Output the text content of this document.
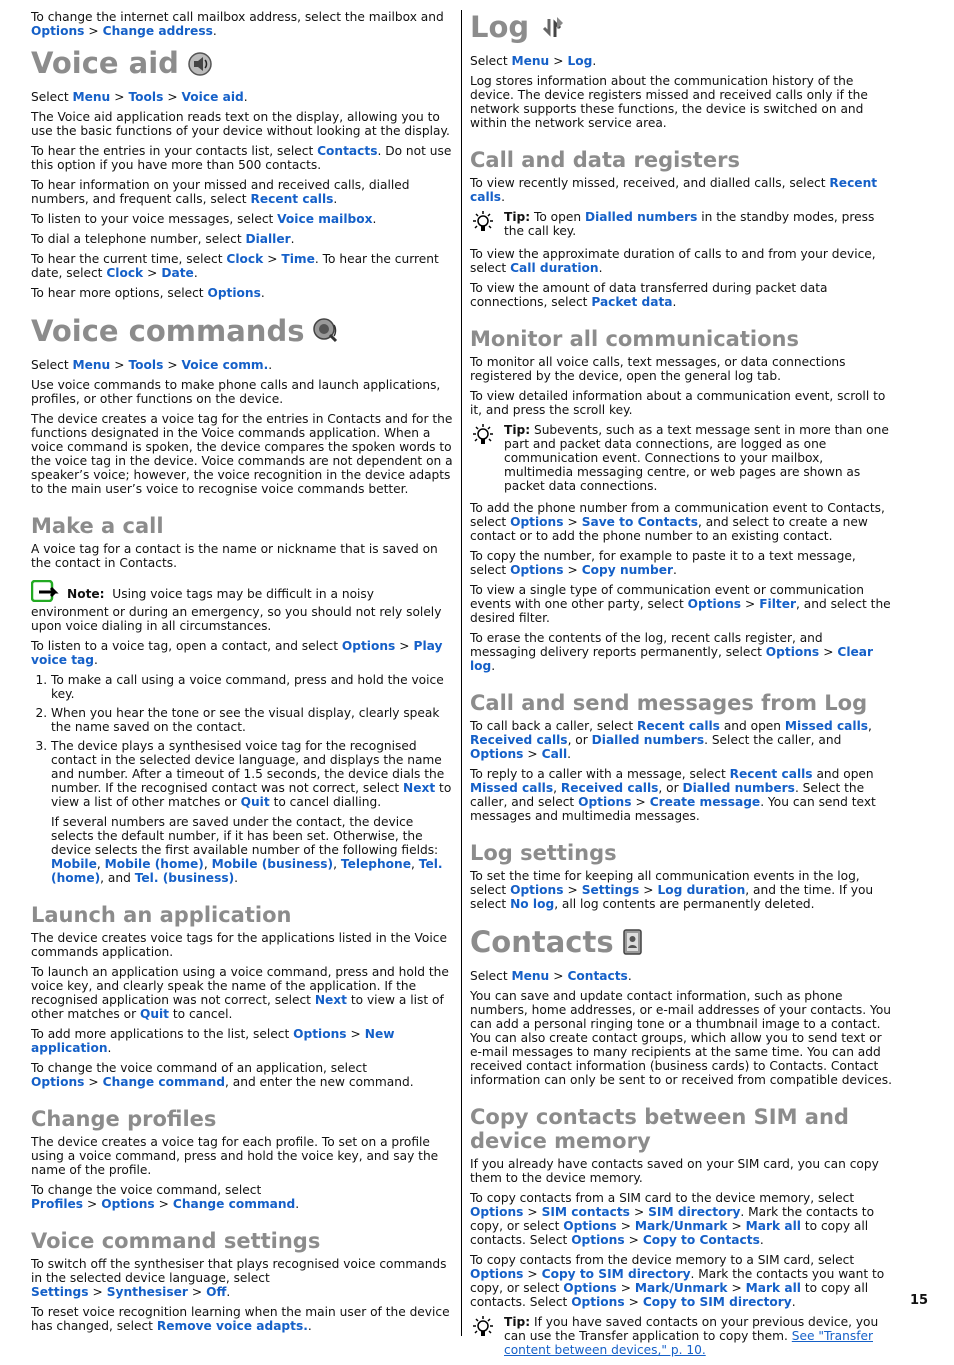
To change the internet call mailbox address, select the mailbox and
Options > Change address.

Voice aid

Select Menu > Tools > Voice aid.

The Voice aid application reads text on the display, allowing you to use the basic functions of your device without looking at the display.

To hear the entries in your contacts list, select Contacts. Do not use this option if you have more than 500 contacts.

To hear information on your missed and received calls, dialled numbers, and frequent calls, select Recent calls.

To listen to your voice messages, select Voice mailbox.

To dial a telephone number, select Dialler.

To hear the current time, select Clock > Time. To hear the current date, select Clock > Date.

To hear more options, select Options.

Voice commands

Select Menu > Tools > Voice comm..

Use voice commands to make phone calls and launch applications, profiles, or other functions on the device.

The device creates a voice tag for the entries in Contacts and for the functions designated in the Voice commands application. When a voice command is spoken, the device compares the spoken words to the voice tag in the device. Voice commands are not dependent on a speaker’s voice; however, the voice recognition in the device adapts to the main user’s voice to recognise voice commands better.

Make a call

A voice tag for a contact is the name or nickname that is saved on the contact in Contacts.

Note: Using voice tags may be difficult in a noisy environment or during an emergency, so you should not rely solely upon voice dialing in all circumstances.

To listen to a voice tag, open a contact, and select Options > Play voice tag.

1. To make a call using a voice command, press and hold the voice key.
2. When you hear the tone or see the visual display, clearly speak the name saved on the contact.
3. The device plays a synthesised voice tag for the recognised contact in the selected device language, and displays the name and number. After a timeout of 1.5 seconds, the device dials the number. If the recognised contact was not correct, select Next to view a list of other matches or Quit to cancel dialling.
If several numbers are saved under the contact, the device selects the default number, if it has been set. Otherwise, the device selects the first available number of the following fields: Mobile, Mobile (home), Mobile (business), Telephone, Tel. (home), and Tel. (business).
Launch an application

The device creates voice tags for the applications listed in the Voice commands application.

To launch an application using a voice command, press and hold the voice key, and clearly speak the name of the application. If the recognised application was not correct, select Next to view a list of other matches or Quit to cancel.

To add more applications to the list, select Options > New application.

To change the voice command of an application, select Options > Change command, and enter the new command.

Change profiles

The device creates a voice tag for each profile. To set on a profile using a voice command, press and hold the voice key, and say the name of the profile.

To change the voice command, select Profiles > Options > Change command.

Voice command settings

To switch off the synthesiser that plays recognised voice commands in the selected device language, select Settings > Synthesiser > Off.

To reset voice recognition learning when the main user of the device has changed, select Remove voice adapts..

Log

Select Menu > Log.

Log stores information about the communication history of the device. The device registers missed and received calls only if the network supports these functions, the device is switched on and within the network service area.

Call and data registers

To view recently missed, received, and dialled calls, select Recent calls.

Tip: To open Dialled numbers in the standby modes, press the call key.

To view the approximate duration of calls to and from your device, select Call duration.

To view the amount of data transferred during packet data connections, select Packet data.

Monitor all communications

To monitor all voice calls, text messages, or data connections registered by the device, open the general log tab.

To view detailed information about a communication event, scroll to it, and press the scroll key.

Tip: Subevents, such as a text message sent in more than one part and packet data connections, are logged as one communication event. Connections to your mailbox, multimedia messaging centre, or web pages are shown as packet data connections.

To add the phone number from a communication event to Contacts, select Options > Save to Contacts, and select to create a new contact or to add the phone number to an existing contact.

To copy the number, for example to paste it to a text message, select Options > Copy number.

To view a single type of communication event or communication events with one other party, select Options > Filter, and select the desired filter.

To erase the contents of the log, recent calls register, and messaging delivery reports permanently, select Options > Clear log.

Call and send messages from Log

To call back a caller, select Recent calls and open Missed calls, Received calls, or Dialled numbers. Select the caller, and Options > Call.

To reply to a caller with a message, select Recent calls and open Missed calls, Received calls, or Dialled numbers. Select the caller, and select Options > Create message. You can send text messages and multimedia messages.

Log settings

To set the time for keeping all communication events in the log, select Options > Settings > Log duration, and the time. If you select No log, all log contents are permanently deleted.

Contacts

Select Menu > Contacts.

You can save and update contact information, such as phone numbers, home addresses, or e-mail addresses of your contacts. You can add a personal ringing tone or a thumbnail image to a contact. You can also create contact groups, which allow you to send text or e-mail messages to many recipients at the same time. You can add received contact information (business cards) to Contacts. Contact information can only be sent to or received from compatible devices.

Copy contacts between SIM and device memory

If you already have contacts saved on your SIM card, you can copy them to the device memory.

To copy contacts from a SIM card to the device memory, select Options > SIM contacts > SIM directory. Mark the contacts to copy, or select Options > Mark/Unmark > Mark all to copy all contacts. Select Options > Copy to Contacts.

To copy contacts from the device memory to a SIM card, select Options > Copy to SIM directory. Mark the contacts you want to copy, or select Options > Mark/Unmark > Mark all to copy all contacts. Select Options > Copy to SIM directory.

Tip: If you have saved contacts on your previous device, you can use the Transfer application to copy them. See "Transfer content between devices," p. 10.
15
